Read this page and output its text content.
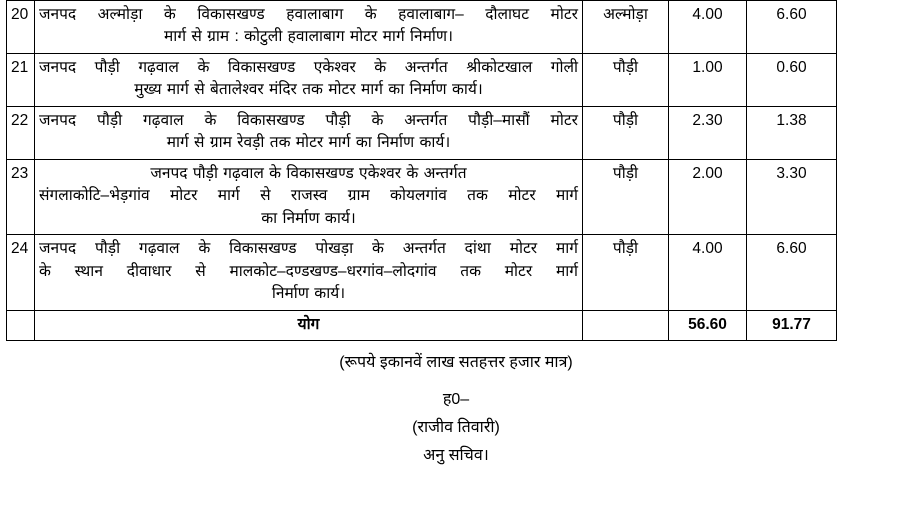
20	जनपद अल्मोड़ा के विकासखण्ड हवालाबाग के हवालाबाग– दौलाघट मोटर
मार्ग से ग्राम : कोटुली हवालाबाग मोटर मार्ग निर्माण।	अल्मोड़ा	4.00	6.60
21	जनपद पौड़ी गढ़वाल के विकासखण्ड एकेश्वर के अन्तर्गत श्रीकोटखाल गोली
मुख्य मार्ग से बेतालेश्वर मंदिर तक मोटर मार्ग का निर्माण कार्य।	पौड़ी	1.00	0.60
22	जनपद पौड़ी गढ़वाल के विकासखण्ड पौड़ी के अन्तर्गत पौड़ी–मासौं मोटर
मार्ग से ग्राम रेवड़ी तक मोटर मार्ग का निर्माण कार्य।	पौड़ी	2.30	1.38
23	जनपद पौड़ी गढ़वाल के विकासखण्ड एकेश्वर के अन्तर्गत
संगलाकोटि–भेड़गांव मोटर मार्ग से राजस्व ग्राम कोयलगांव तक मोटर मार्ग
का निर्माण कार्य।	पौड़ी	2.00	3.30
24	जनपद पौड़ी गढ़वाल के विकासखण्ड पोखड़ा के अन्तर्गत दांथा मोटर मार्ग
के स्थान दीवाधार से मालकोट–दण्डखण्ड–धरगांव–लोदगांव तक मोटर मार्ग
निर्माण कार्य।	पौड़ी	4.00	6.60
	योग		56.60	91.77
(रूपये इकानवें लाख सतहत्तर हजार मात्र)
ह0–
(राजीव तिवारी)
अनु सचिव।
